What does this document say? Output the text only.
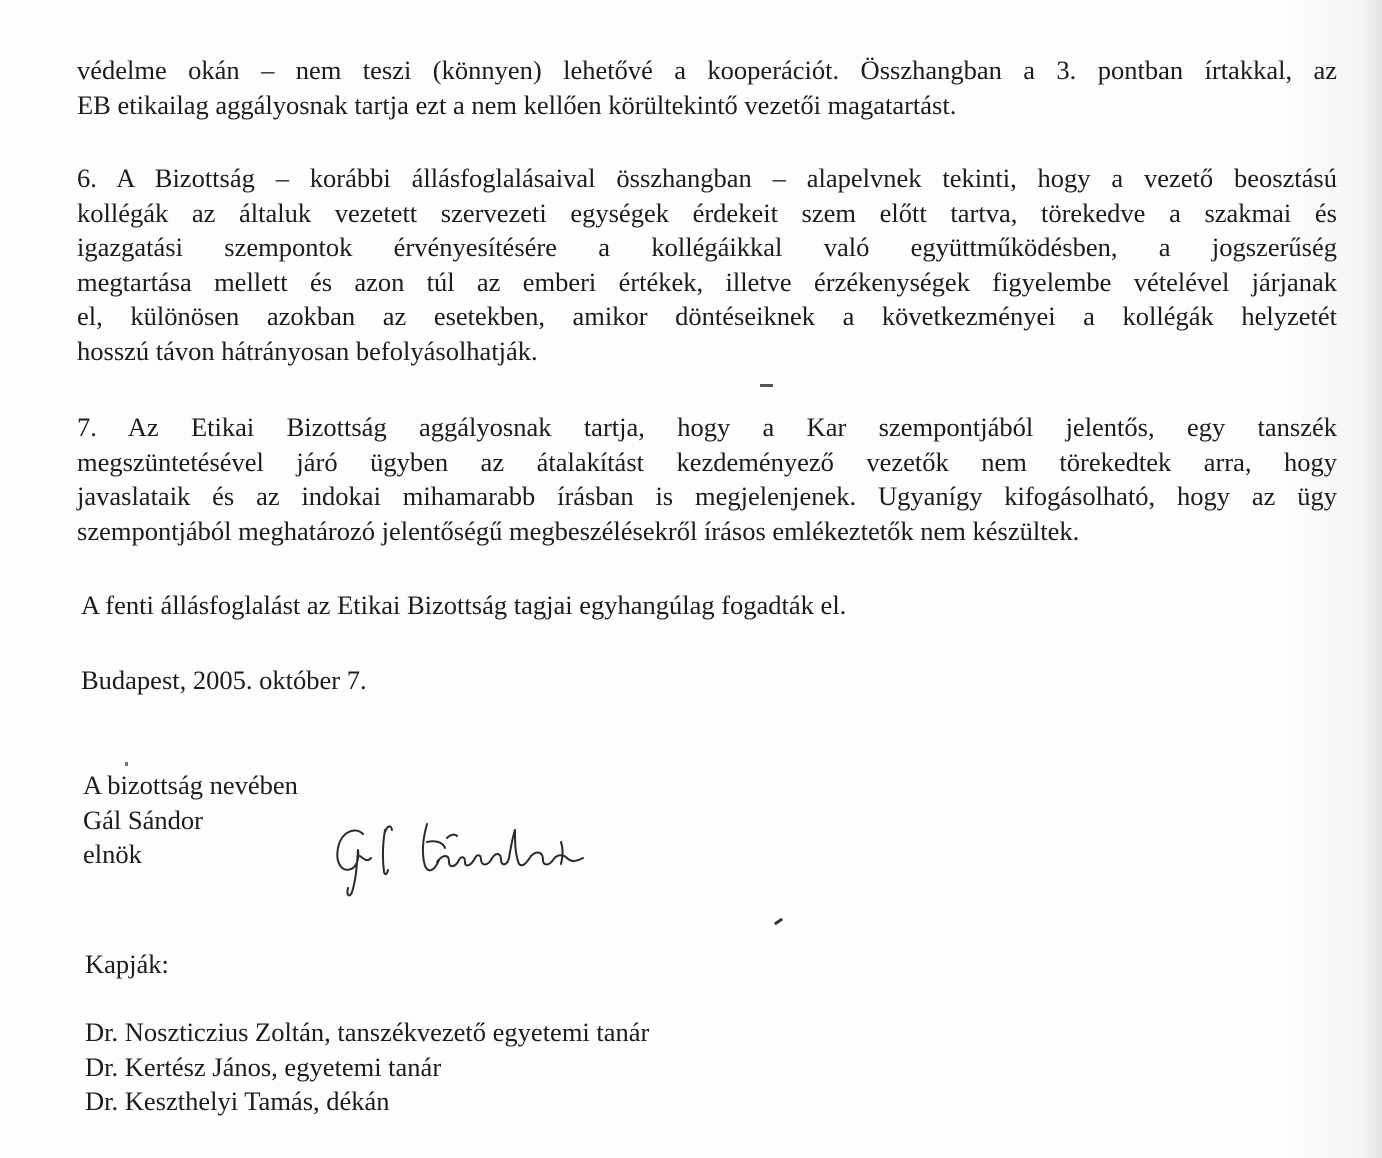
védelme okán – nem teszi (könnyen) lehetővé a kooperációt. Összhangban a 3. pontban írtakkal, az
EB etikailag aggályosnak tartja ezt a nem kellően körültekintő vezetői magatartást.

6. A Bizottság – korábbi állásfoglalásaival összhangban – alapelvnek tekinti, hogy a vezető beosztású
kollégák az általuk vezetett szervezeti egységek érdekeit szem előtt tartva, törekedve a szakmai és
igazgatási szempontok érvényesítésére a kollégáikkal való együttműködésben, a jogszerűség
megtartása mellett és azon túl az emberi értékek, illetve érzékenységek figyelembe vételével járjanak
el, különösen azokban az esetekben, amikor döntéseiknek a következményei a kollégák helyzetét
hosszú távon hátrányosan befolyásolhatják.

7. Az Etikai Bizottság aggályosnak tartja, hogy a Kar szempontjából jelentős, egy tanszék
megszüntetésével járó ügyben az átalakítást kezdeményező vezetők nem törekedtek arra, hogy
javaslataik és az indokai mihamarabb írásban is megjelenjenek. Ugyanígy kifogásolható, hogy az ügy
szempontjából meghatározó jelentőségű megbeszélésekről írásos emlékeztetők nem készültek.

A fenti állásfoglalást az Etikai Bizottság tagjai egyhangúlag fogadták el.

Budapest, 2005. október 7.

A bizottság nevében
Gál Sándor
elnök

Kapják:

Dr. Noszticzius Zoltán, tanszékvezető egyetemi tanár
Dr. Kertész János, egyetemi tanár
Dr. Keszthelyi Tamás, dékán
